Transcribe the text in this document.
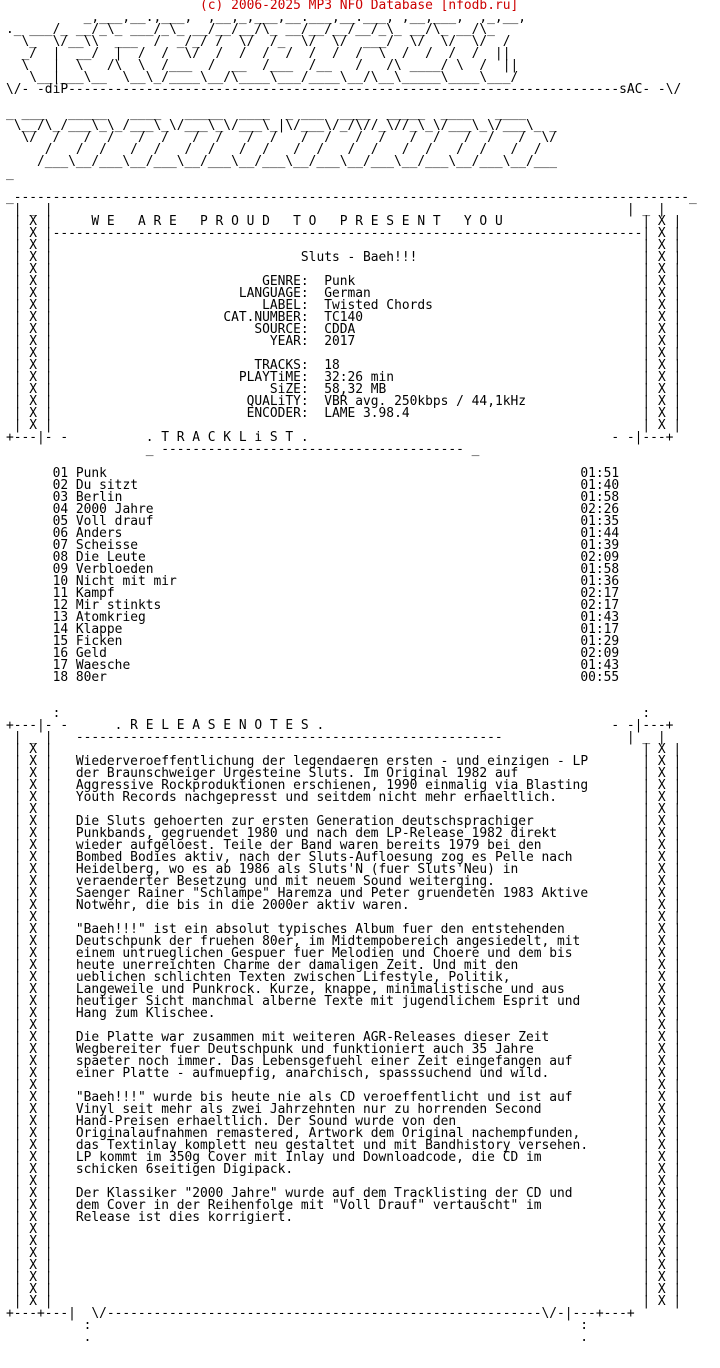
(c) 2006-2025 MP3 NFO Database [nfodb.ru]
_,___,__.,___,  ,__,_,___,__.___,__.___, ,__,___,  ,_,__,
._ ___/_ __/_\_ ___/_\_ __/__/__/\_ __/__/__/__/_\_ __/\_ __/\_
\_  \/__\\  ___  /  _/_/ /  \/  /_  \/  \/  ___/  \/  \/  \/  /
_/  |  __/  |  /  /  \/  /  /  /  /  /  /  /  \  /  /  /  /  ||
\   |  \   /\  \  /___  /  __  /___  /__   /   /\ ____/ \  /  ||
\__|___\__  \__\_/____\__/\____\___/____\__/\__\_____\____\___/
\/- -diP-----------------------------------------------------------------------sAC- -\/

_ ___   _____   ____   _____  ____  _ ___  ____  _____  ____   ____
\__/\_/___\_\_/___\_\/___\_\/___\_|\/___\/_/\//_\//_\_\/___\_\/___\_ _
\/  /   /  /   /  /   /  /   /  /   /  /   /  /   /  /   /  /   /  \/
/   /  /   /  /   /  /   /  /   /  /   /  /   /  /   /  /   /  /
/___\__/___\__/___\__/___\__/___\__/___\__/___\__/___\__/___\__/___
_

_---------------------------------------------------------------------------------------_
| _ |                                                                          | _ |
| X |	W E   A R E   P R O U D   T O   P R E S E N T   Y O U	| X |
| X |----------------------------------------------------------------------------| X |
| X |                                                                            | X |
| X |	Sluts - Baeh!!!	| X |
| X |                                                                            | X |
| X |	GENRE: Punk	| X |
| X |	LANGUAGE: German	| X |
| X |	LABEL: Twisted Chords	| X |
| X |	CAT.NUMBER: TC140	| X |
| X |	SOURCE: CDDA	| X |
| X |	YEAR: 2017	| X |
| X |                                                                            | X |
| X |	TRACKS: 18	| X |
| X |	PLAYTiME: 32:26 min	| X |
| X |	SiZE: 58,32 MB	| X |
| X |	QUALiTY: VBR avg. 250kbps / 44,1kHz	| X |
| X |	ENCODER: LAME 3.98.4	| X |
| X |                                                                            | X |
+---|- -	. T R A C K L i S T .	- -|---+
_ --------------------------------------- _

01 Punk	01:51
02 Du sitzt	01:40
03 Berlin	01:58
04 2000 Jahre	02:26
05 Voll drauf	01:35
06 Anders	01:44
07 Scheisse	01:39
08 Die Leute	02:09
09 Verbloeden	01:58
10 Nicht mit mir	01:36
11 Kampf	02:17
12 Mir stinkts	02:17
13 Atomkrieg	01:43
14 Klappe	01:17
15 Ficken	01:29
16 Geld	02:09
17 Waesche	01:43
18 80er	00:55

:                                                                           :
+---|- -	. R E L E A S E N O T E S .	- -|---+
| _ |   -------------------------------------------------------                | _ |
| X |                                                                            | X |
| X |   Wiederveroeffentlichung der legendaeren ersten - und einzigen - LP	| X |
| X |   der Braunschweiger Urgesteine Sluts. Im Original 1982 auf	| X |
| X |   Aggressive Rockproduktionen erschienen, 1990 einmalig via Blasting	| X |
| X |   Youth Records nachgepresst und seitdem nicht mehr erhaeltlich.	| X |
| X |                                                                            | X |
| X |   Die Sluts gehoerten zur ersten Generation deutschsprachiger	| X |
| X |   Punkbands, gegruendet 1980 und nach dem LP-Release 1982 direkt	| X |
| X |   wieder aufgeloest. Teile der Band waren bereits 1979 bei den	| X |
| X |   Bombed Bodies aktiv, nach der Sluts-Aufloesung zog es Pelle nach	| X |
| X |   Heidelberg, wo es ab 1986 als Sluts'N (fuer Sluts'Neu) in	| X |
| X |   veraenderter Besetzung und mit neuem Sound weiterging.	| X |
| X |   Saenger Rainer "Schlampe" Haremza und Peter gruendeten 1983 Aktive	| X |
| X |   Notwehr, die bis in die 2000er aktiv waren.	| X |
| X |                                                                            | X |
| X |   "Baeh!!!" ist ein absolut typisches Album fuer den entstehenden	| X |
| X |   Deutschpunk der fruehen 80er, im Midtempobereich angesiedelt, mit	| X |
| X |   einem untrueglichen Gespuer fuer Melodien und Choere und dem bis	| X |
| X |   heute unerreichten Charme der damaligen Zeit. Und mit den	| X |
| X |   ueblichen schlichten Texten zwischen Lifestyle, Politik,	| X |
| X |   Langeweile und Punkrock. Kurze, knappe, minimalistische und aus	| X |
| X |   heutiger Sicht manchmal alberne Texte mit jugendlichem Esprit und	| X |
| X |   Hang zum Klischee.	| X |
| X |                                                                            | X |
| X |   Die Platte war zusammen mit weiteren AGR-Releases dieser Zeit	| X |
| X |   Wegbereiter fuer Deutschpunk und funktioniert auch 35 Jahre	| X |
| X |   spaeter noch immer. Das Lebensgefuehl einer Zeit eingefangen auf	| X |
| X |   einer Platte - aufmuepfig, anarchisch, spasssuchend und wild.	| X |
| X |                                                                            | X |
| X |   "Baeh!!!" wurde bis heute nie als CD veroeffentlicht und ist auf	| X |
| X |   Vinyl seit mehr als zwei Jahrzehnten nur zu horrenden Second	| X |
| X |   Hand-Preisen erhaeltlich. Der Sound wurde von den	| X |
| X |   Originalaufnahmen remastered, Artwork dem Original nachempfunden,	| X |
| X |   das Textinlay komplett neu gestaltet und mit Bandhistory versehen.	| X |
| X |   LP kommt im 350g Cover mit Inlay und Downloadcode, die CD im	| X |
| X |   schicken 6seitigen Digipack.	| X |
| X |                                                                            | X |
| X |   Der Klassiker "2000 Jahre" wurde auf dem Tracklisting der CD und	| X |
| X |   dem Cover in der Reihenfolge mit "Voll Drauf" vertauscht" im	| X |
| X |   Release ist dies korrigiert.	| X |
| X |                                                                            | X |
| X |                                                                            | X |
| X |                                                                            | X |
| X |                                                                            | X |
| X |                                                                            | X |
| X |                                                                            | X |
| X |                                                                            | X |
+---+---|  \/--------------------------------------------------------\/-|---+---+
:                                                               :
.                                                               .
